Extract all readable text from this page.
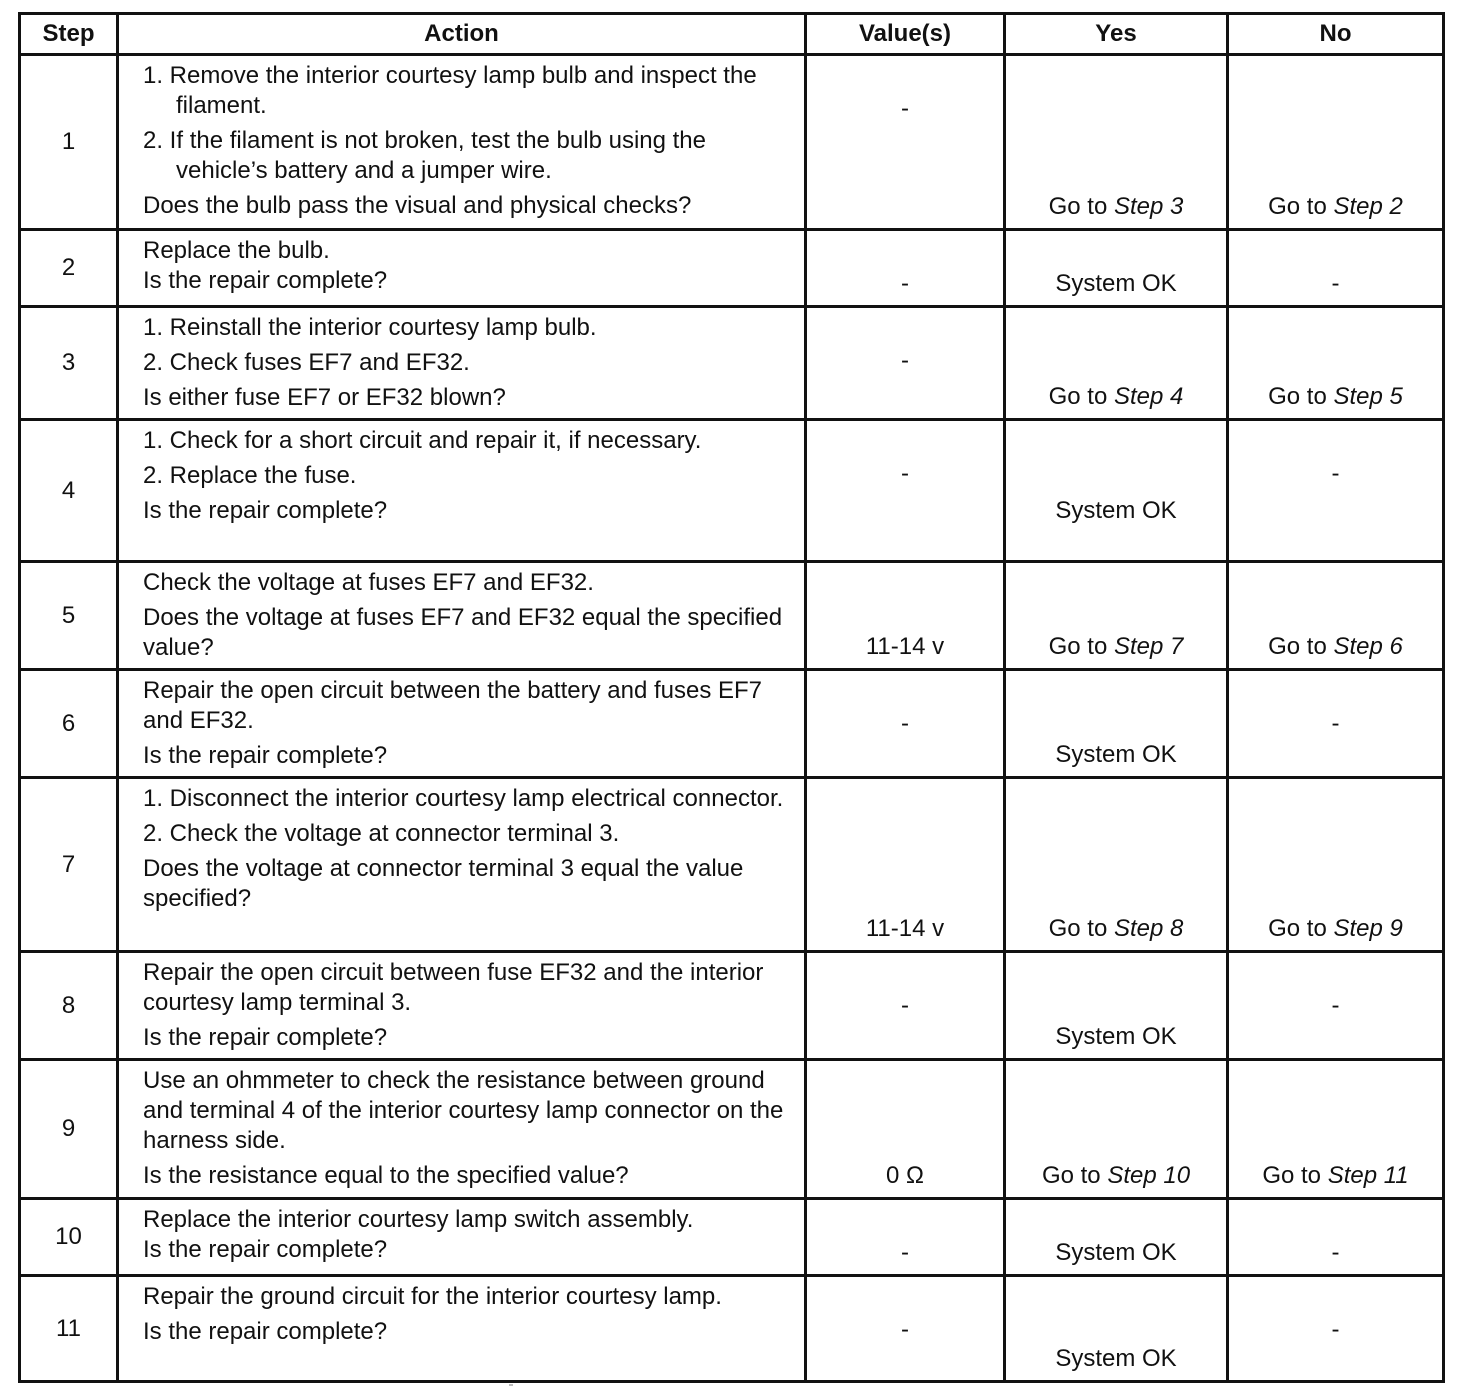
Step	Action	Value(s)	Yes	No
1	1. Remove the interior courtesy lamp bulb and inspect the filament.
2. If the filament is not broken, test the bulb using the vehicle’s battery and a jumper wire.
Does the bulb pass the visual and physical checks?	-	Go to Step 3	Go to Step 2
2	Replace the bulb.
Is the repair complete?	-	System OK	-
3	1. Reinstall the interior courtesy lamp bulb.
2. Check fuses EF7 and EF32.
Is either fuse EF7 or EF32 blown?	-	Go to Step 4	Go to Step 5
4	1. Check for a short circuit and repair it, if necessary.
2. Replace the fuse.
Is the repair complete?	-	System OK	-
5	Check the voltage at fuses EF7 and EF32.
Does the voltage at fuses EF7 and EF32 equal the specified value?	11-14 v	Go to Step 7	Go to Step 6
6	Repair the open circuit between the battery and fuses EF7 and EF32.
Is the repair complete?	-	System OK	-
7	1. Disconnect the interior courtesy lamp electrical connector.
2. Check the voltage at connector terminal 3.
Does the voltage at connector terminal 3 equal the value specified?	11-14 v	Go to Step 8	Go to Step 9
8	Repair the open circuit between fuse EF32 and the interior courtesy lamp terminal 3.
Is the repair complete?	-	System OK	-
9	Use an ohmmeter to check the resistance between ground and terminal 4 of the interior courtesy lamp connector on the harness side.
Is the resistance equal to the specified value?	0 Ω	Go to Step 10	Go to Step 11
10	Replace the interior courtesy lamp switch assembly.
Is the repair complete?	-	System OK	-
11	Repair the ground circuit for the interior courtesy lamp.
Is the repair complete?	-	System OK	-
